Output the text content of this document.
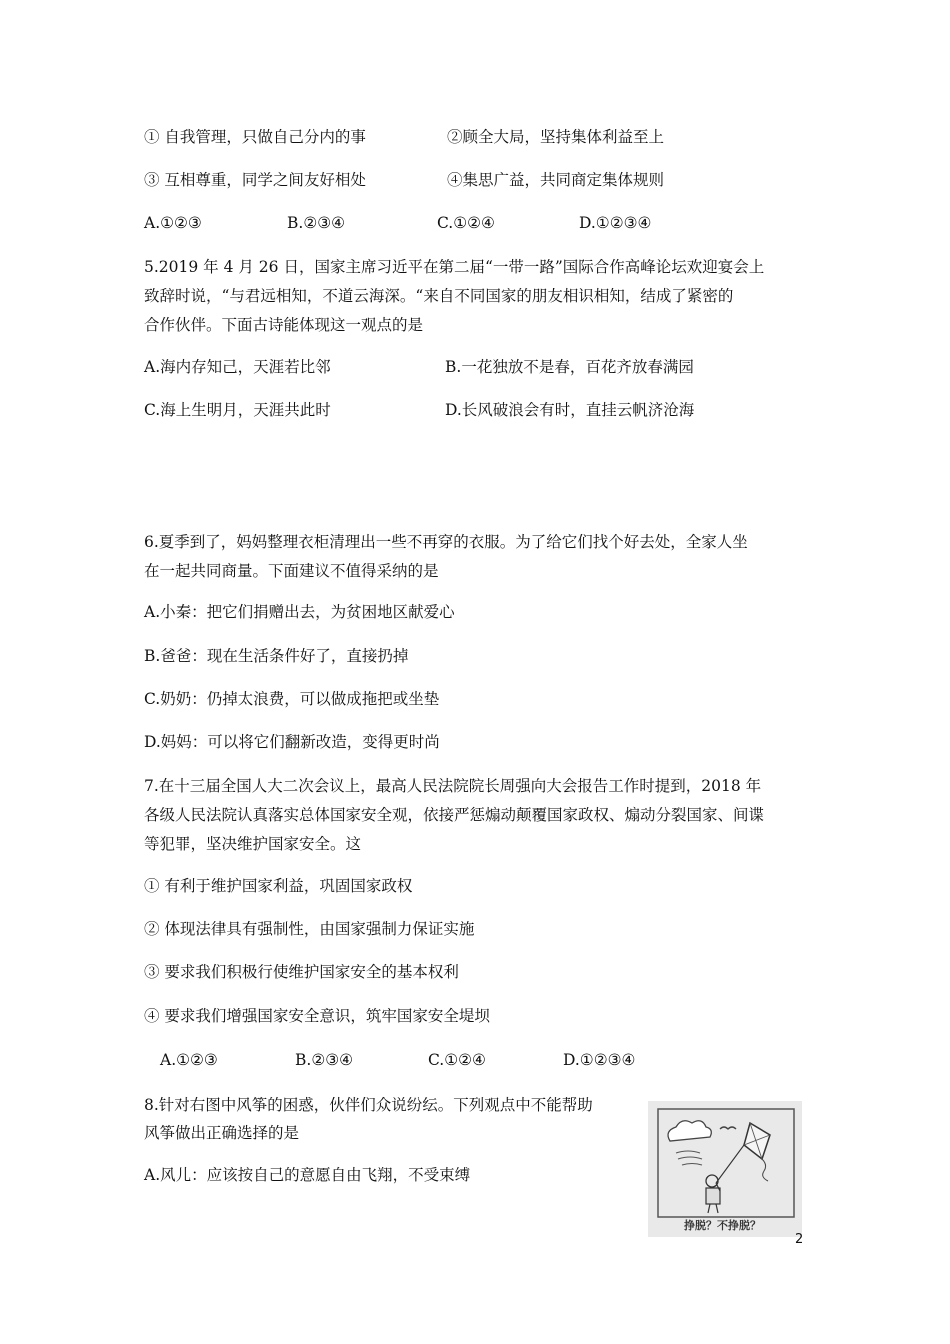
① 自我管理，只做自己分内的事	②顾全大局，坚持集体利益至上
③ 互相尊重，同学之间友好相处	④集思广益，共同商定集体规则
A.①②③	B.②③④	C.①②④	D.①②③④
5.2019 年 4 月 26 日，国家主席习近平在第二届“一带一路”国际合作高峰论坛欢迎宴会上
致辞时说，“与君远相知，不道云海深。“来自不同国家的朋友相识相知，结成了紧密的
合作伙伴。下面古诗能体现这一观点的是
A.海内存知己，天涯若比邻	B.一花独放不是春，百花齐放春满园
C.海上生明月，天涯共此时	D.长风破浪会有时，直挂云帆济沧海
6.夏季到了，妈妈整理衣柜清理出一些不再穿的衣服。为了给它们找个好去处，全家人坐
在一起共同商量。下面建议不值得采纳的是
A.小秦：把它们捐赠出去，为贫困地区献爱心
B.爸爸：现在生活条件好了，直接扔掉
C.奶奶：仍掉太浪费，可以做成拖把或坐垫
D.妈妈：可以将它们翻新改造，变得更时尚
7.在十三届全国人大二次会议上，最高人民法院院长周强向大会报告工作时提到，2018 年
各级人民法院认真落实总体国家安全观，依接严惩煽动颠覆国家政权、煽动分裂国家、间谍
等犯罪，坚决维护国家安全。这
① 有利于维护国家利益，巩固国家政权
② 体现法律具有强制性，由国家强制力保证实施
③ 要求我们积极行使维护国家安全的基本权利
④ 要求我们增强国家安全意识，筑牢国家安全堤坝
A.①②③	B.②③④	C.①②④	D.①②③④
8.针对右图中风筝的困惑，伙伴们众说纷纭。下列观点中不能帮助
风筝做出正确选择的是
A.风儿：应该按自己的意愿自由飞翔，不受束缚
挣脱？不挣脱？
2
